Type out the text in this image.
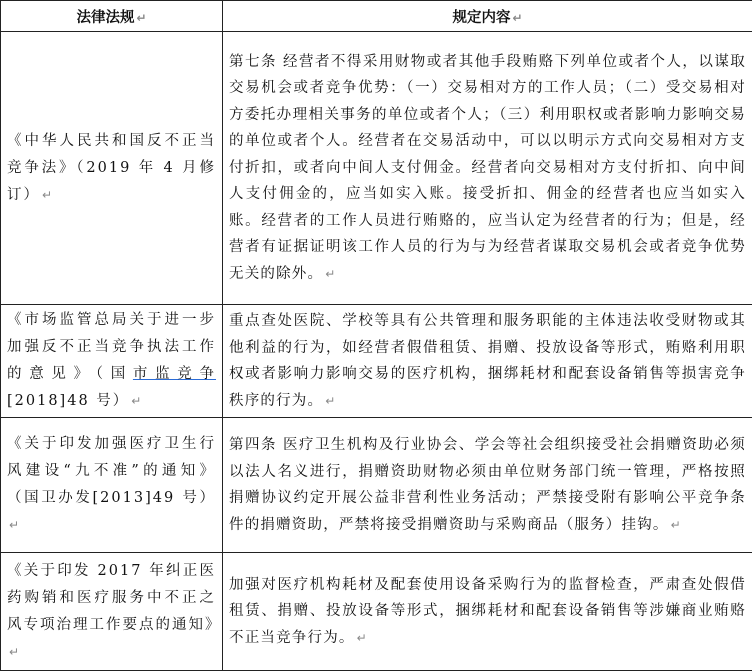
法律法规 ↵	规定内容 ↵
《中华人民共和国反不正当竞争法》（2019 年 4 月修订） ↵	第七条 经营者不得采用财物或者其他手段贿赂下列单位或者个人，以谋取交易机会或者竞争优势：（一）交易相对方的工作人员；（二）受交易相对方委托办理相关事务的单位或者个人；（三）利用职权或者影响力影响交易的单位或者个人。经营者在交易活动中，可以以明示方式向交易相对方支付折扣，或者向中间人支付佣金。经营者向交易相对方支付折扣、向中间人支付佣金的，应当如实入账。接受折扣、佣金的经营者也应当如实入账。经营者的工作人员进行贿赂的，应当认定为经营者的行为；但是，经营者有证据证明该工作人员的行为与为经营者谋取交易机会或者竞争优势无关的除外。 ↵
《市场监管总局关于进一步加强反不正当竞争执法工作的意见》（国市监竞争[2018]48 号） ↵	重点查处医院、学校等具有公共管理和服务职能的主体违法收受财物或其他利益的行为，如经营者假借租赁、捐赠、投放设备等形式，贿赂利用职权或者影响力影响交易的医疗机构，捆绑耗材和配套设备销售等损害竞争秩序的行为。 ↵
《关于印发加强医疗卫生行风建设“九不准”的通知》（国卫办发[2013]49 号）↵	第四条 医疗卫生机构及行业协会、学会等社会组织接受社会捐赠资助必须以法人名义进行，捐赠资助财物必须由单位财务部门统一管理，严格按照捐赠协议约定开展公益非营利性业务活动；严禁接受附有影响公平竞争条件的捐赠资助，严禁将接受捐赠资助与采购商品（服务）挂钩。 ↵
《关于印发 2017 年纠正医药购销和医疗服务中不正之风专项治理工作要点的通知》↵	加强对医疗机构耗材及配套使用设备采购行为的监督检查，严肃查处假借租赁、捐赠、投放设备等形式，捆绑耗材和配套设备销售等涉嫌商业贿赂不正当竞争行为。 ↵
